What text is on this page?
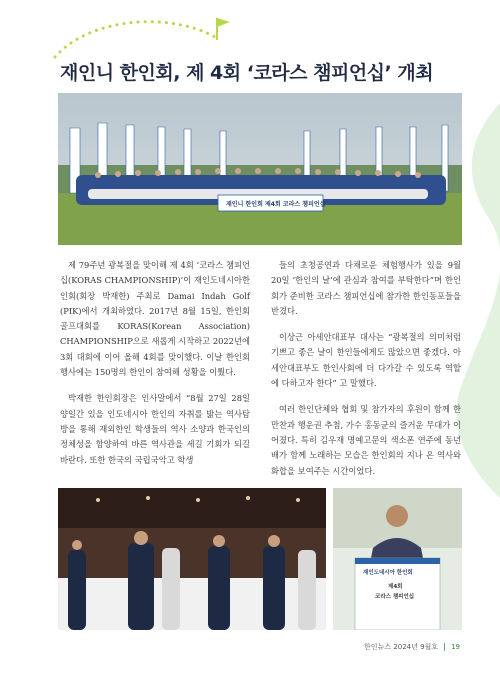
재인니 한인회, 제 4회 ‘코라스 챔피언십’ 개최
재인니 한인회 제4회 코라스 챔피언십

제 79주년 광복절을 맞이해 제 4회 ‘코라스 챔피언십(KORAS CHAMPIONSHIP)’이 재인도네시아한인회(회장 박재한) 주최로 Damai Indah Golf (PIK)에서 개최하였다. 2017년 8월 15일, 한인회 골프대회를 KORAS(Korean Association) CHAMPIONSHIP으로 새롭게 시작하고 2022년에 3회 대회에 이어 올해 4회를 맞이했다. 이날 한인회 행사에는 150명의 한인이 참여해 성황을 이뤘다.

박재한 한인회장은 인사말에서 “8월 27일 28일 양일간 있을 인도네시아 한인의 자취를 밟는 역사탐방을 통해 재외한인 학생들의 역사 소양과 한국인의 정체성을 함양하여 바른 역사관을 세길 기회가 되길 바란다. 또한 한국의 국립국악고 학생

들의 초청공연과 다채로운 체험행사가 있을 9월 20일 ‘한인의 날’에 관심과 참여를 부탁한다”며 한인회가 준비한 코라스 챔피언십에 참가한 한인동포들을 반겼다.

이상근 아세안대표부 대사는 “광복절의 의미처럼 기쁘고 좋은 날이 한인들에게도 많았으면 좋겠다. 아세안대표부도 한인사회에 더 다가갈 수 있도록 역할에 다하고자 한다” 고 말했다.

여러 한인단체와 협회 및 참가자의 후원이 함께 한 만찬과 행운권 추첨, 가수 홍동균의 즐거운 무대가 이어졌다. 특히 김우재 명예고문의 색소폰 연주에 동년배가 함께 노래하는 모습은 한인회의 지나 온 역사와 화합을 보여주는 시간이었다.

재인도네시아 한인회
제4회
코라스 챔피언십
한인뉴스 2024년 9월호 19
